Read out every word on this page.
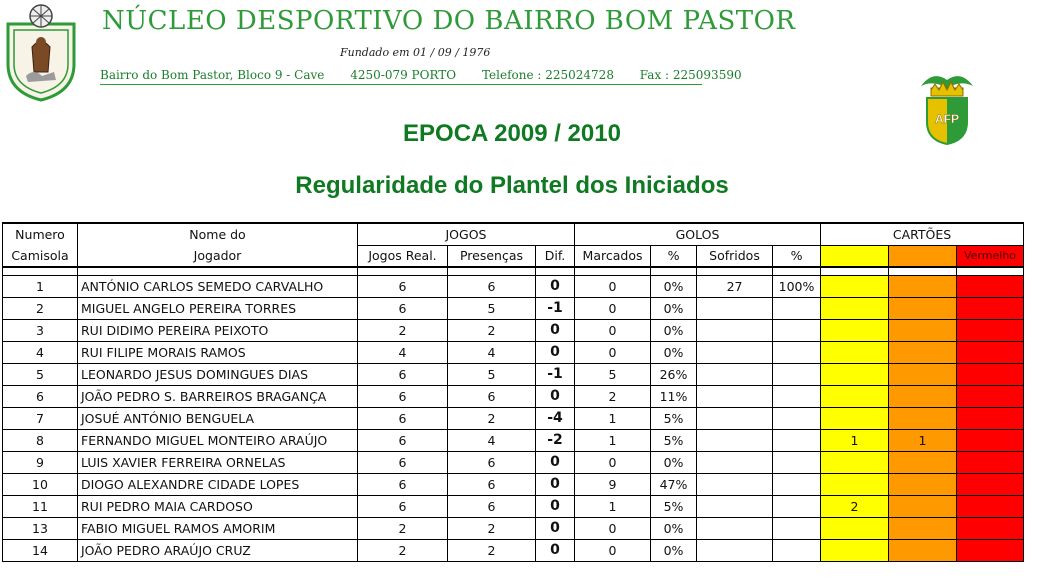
NÚCLEO DESPORTIVO DO BAIRRO BOM PASTOR
Fundado em 01 / 09 / 1976
Bairro do Bom Pastor, Bloco 9 - Cave 4250-079 PORTO Telefone : 225024728 Fax : 225093590
AFP
EPOCA 2009 / 2010
Regularidade do Plantel dos Iniciados
Numero	Nome do	JOGOS			GOLOS				CARTÕES		
Camisola	Jogador	Jogos Real.	Presenças	Dif.	Marcados	%	Sofridos	%			Vermelho

1	ANTÓNIO CARLOS SEMEDO CARVALHO	6	6	0	0	0%	27	100%			
2	MIGUEL ANGELO PEREIRA TORRES	6	5	-1	0	0%					
3	RUI DIDIMO PEREIRA PEIXOTO	2	2	0	0	0%					
4	RUI FILIPE MORAIS RAMOS	4	4	0	0	0%					
5	LEONARDO JESUS DOMINGUES DIAS	6	5	-1	5	26%					
6	JOÃO PEDRO S. BARREIROS BRAGANÇA	6	6	0	2	11%					
7	JOSUÉ ANTÓNIO BENGUELA	6	2	-4	1	5%					
8	FERNANDO MIGUEL MONTEIRO ARAÚJO	6	4	-2	1	5%			1	1	
9	LUIS XAVIER FERREIRA ORNELAS	6	6	0	0	0%					
10	DIOGO ALEXANDRE CIDADE LOPES	6	6	0	9	47%					
11	RUI PEDRO MAIA CARDOSO	6	6	0	1	5%			2		
13	FABIO MIGUEL RAMOS AMORIM	2	2	0	0	0%					
14	JOÃO PEDRO ARAÚJO CRUZ	2	2	0	0	0%					
